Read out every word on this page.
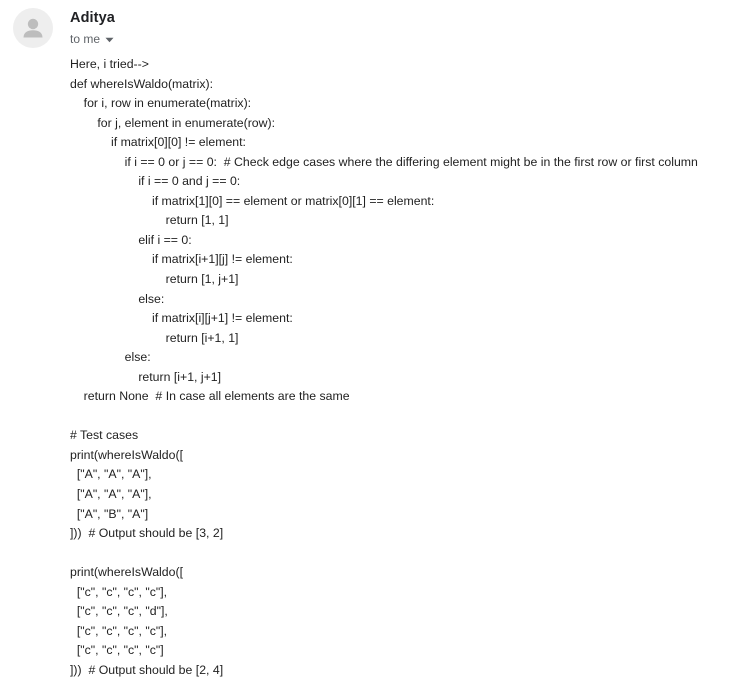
Aditya
to me
Here, i tried-->
def whereIsWaldo(matrix):
for i, row in enumerate(matrix):
for j, element in enumerate(row):
if matrix[0][0] != element:
if i == 0 or j == 0:  # Check edge cases where the differing element might be in the first row or first column
if i == 0 and j == 0:
if matrix[1][0] == element or matrix[0][1] == element:
return [1, 1]
elif i == 0:
if matrix[i+1][j] != element:
return [1, j+1]
else:
if matrix[i][j+1] != element:
return [i+1, 1]
else:
return [i+1, j+1]
return None  # In case all elements are the same
# Test cases
print(whereIsWaldo([
["A", "A", "A"],
["A", "A", "A"],
["A", "B", "A"]
]))  # Output should be [3, 2]
print(whereIsWaldo([
["c", "c", "c", "c"],
["c", "c", "c", "d"],
["c", "c", "c", "c"],
["c", "c", "c", "c"]
]))  # Output should be [2, 4]
